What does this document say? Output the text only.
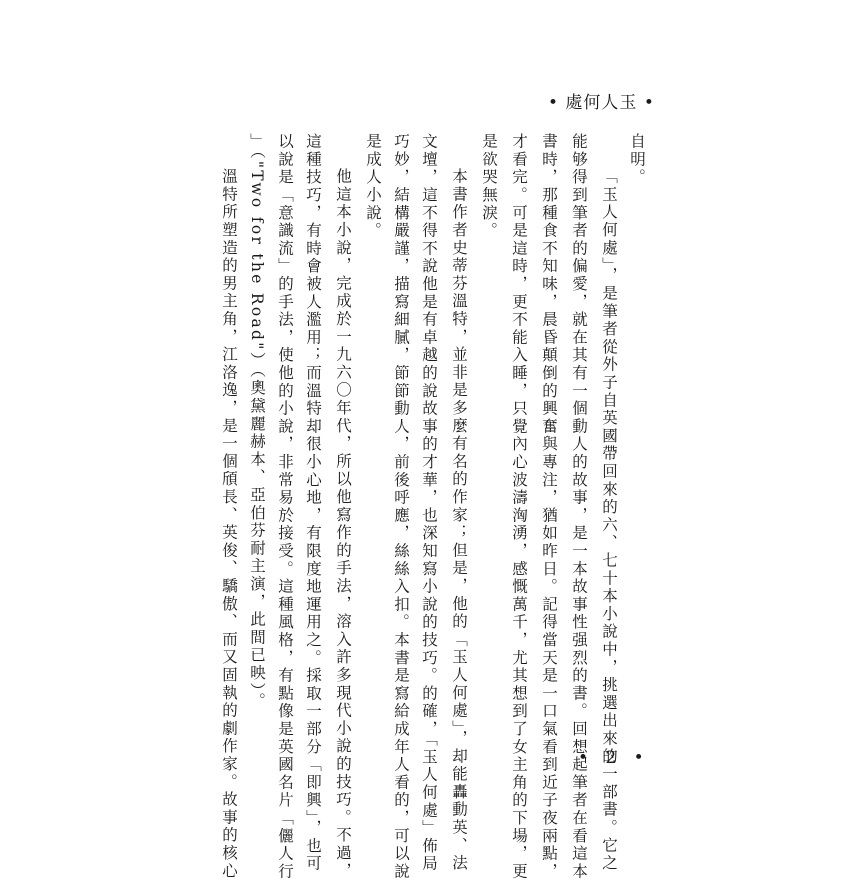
• 處何人玉 •
自明。
「玉人何處」，是筆者從外子自英國帶回來的六、七十本小說中，挑選出來的一部書。它之
能够得到筆者的偏愛，就在其有一個動人的故事，是一本故事性强烈的書。回想起筆者在看這本
書時，那種食不知味，晨昏顛倒的興奮與專注，猶如昨日。記得當天是一口氣看到近子夜兩點，
才看完。可是這時，更不能入睡，只覺內心波濤洶湧，感慨萬千，尤其想到了女主角的下場，更
是欲哭無淚。
本書作者史蒂芬溫特，並非是多麼有名的作家；但是，他的「玉人何處」，却能轟動英、法
文壇，這不得不說他是有卓越的說故事的才華，也深知寫小說的技巧。的確，「玉人何處」佈局
巧妙，結構嚴謹，描寫細膩，節節動人，前後呼應，絲絲入扣。本書是寫給成年人看的，可以說
是成人小說。
他這本小說，完成於一九六〇年代，所以他寫作的手法，溶入許多現代小說的技巧。不過，
這種技巧，有時會被人濫用；而溫特却很小心地，有限度地運用之。採取一部分「即興」，也可
以說是「意識流」的手法，使他的小說，非常易於接受。這種風格，有點像是英國名片「儷人行
」（"Two for the Road"）（奧黛麗赫本、亞伯芬耐主演，此間已映）。
溫特所塑造的男主角，江洛逸，是一個頎長、英俊、驕傲、而又固執的劇作家。故事的核心	• 2 •
